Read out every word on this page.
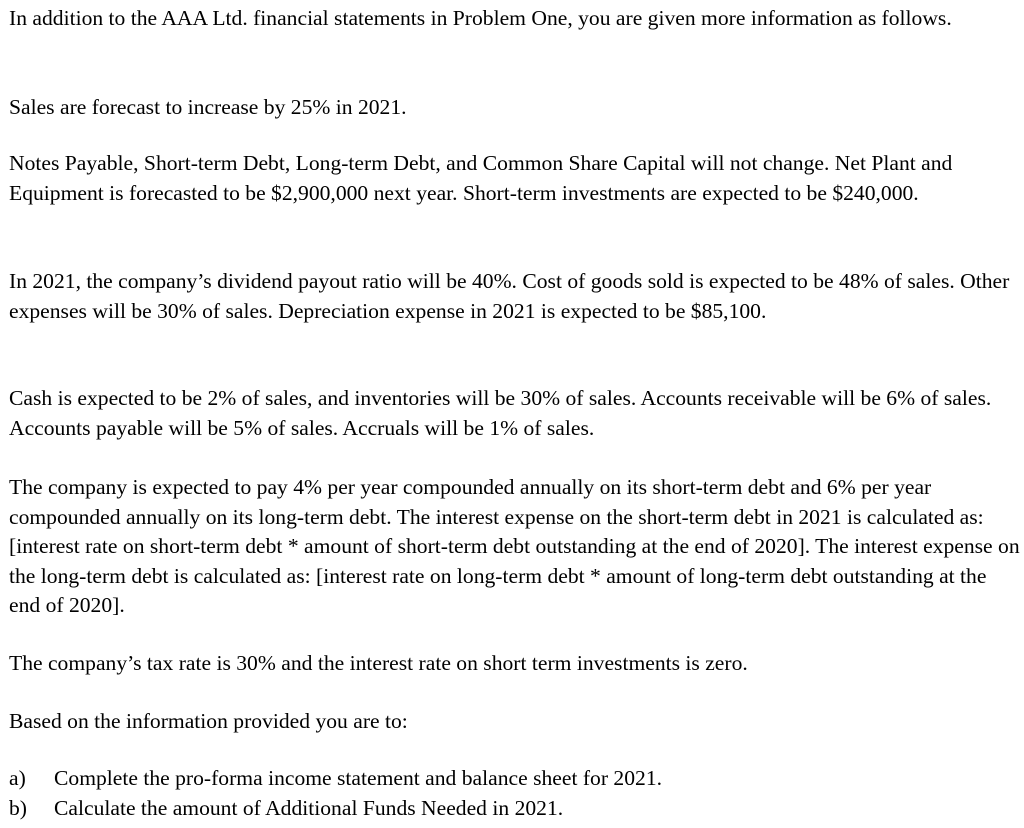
In addition to the AAA Ltd. financial statements in Problem One, you are given more information as follows.

Sales are forecast to increase by 25% in 2021.

Notes Payable, Short-term Debt, Long-term Debt, and Common Share Capital will not change. Net Plant and Equipment is forecasted to be $2,900,000 next year. Short-term investments are expected to be $240,000.

In 2021, the company’s dividend payout ratio will be 40%. Cost of goods sold is expected to be 48% of sales. Other expenses will be 30% of sales. Depreciation expense in 2021 is expected to be $85,100.

Cash is expected to be 2% of sales, and inventories will be 30% of sales. Accounts receivable will be 6% of sales. Accounts payable will be 5% of sales. Accruals will be 1% of sales.

The company is expected to pay 4% per year compounded annually on its short-term debt and 6% per year compounded annually on its long-term debt. The interest expense on the short-term debt in 2021 is calculated as: [interest rate on short-term debt * amount of short-term debt outstanding at the end of 2020]. The interest expense on the long-term debt is calculated as: [interest rate on long-term debt * amount of long-term debt outstanding at the end of 2020].

The company’s tax rate is 30% and the interest rate on short term investments is zero.

Based on the information provided you are to:

a)	Complete the pro-forma income statement and balance sheet for 2021.
b)	Calculate the amount of Additional Funds Needed in 2021.
